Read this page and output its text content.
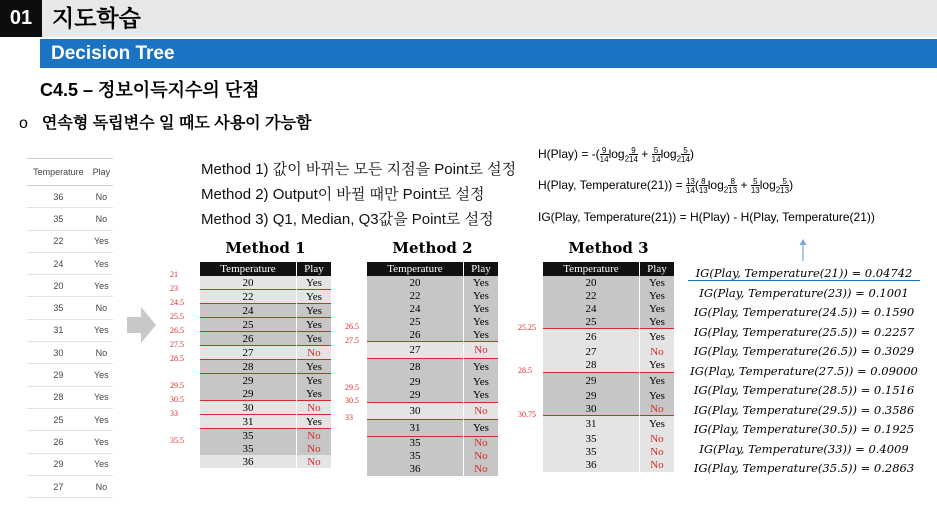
01 지도학습
Decision Tree
C4.5 – 정보이득지수의 단점
o 연속형 독립변수 일 때도 사용이 가능함
Temperature	Play
36	No
35	No
22	Yes
24	Yes
20	Yes
35	No
31	Yes
30	No
29	Yes
28	Yes
25	Yes
26	Yes
29	Yes
27	No
Method 1) 값이 바뀌는 모든 지점을 Point로 설정
Method 2) Output이 바뀔 때만 Point로 설정
Method 3) Q1, Median, Q3값을 Point로 설정
Method 1
Temperature	Play
20	Yes
22	Yes
24	Yes
25	Yes
26	Yes
27	No
28	Yes
29	Yes
29	Yes
30	No
31	Yes
35	No
35	No
36	No
Method 2
Temperature	Play
20	Yes
22	Yes
24	Yes
25	Yes
26	Yes
27	No
28	Yes
29	Yes
29	Yes
30	No
31	Yes
35	No
35	No
36	No
Method 3
Temperature	Play
20	Yes
22	Yes
24	Yes
25	Yes
26	Yes
27	No
28	Yes
29	Yes
29	Yes
30	No
31	Yes
35	No
35	No
36	No
21
23
24.5
25.5
26.5
27.5
28.5
29.5
30.5
33
35.5
26.5
27.5
29.5
30.5
33
25.25
28.5
30.75
H(Play) = $-(\frac{9}{14}\log_2\frac{9}{14} + \frac{5}{14}\log_2\frac{5}{14})$
H(Play, Temperature(21)) = $\frac{13}{14}(\frac{8}{13}\log_2\frac{8}{13} + \frac{5}{13}\log_2\frac{5}{13})$
IG(Play, Temperature(21)) = H(Play) - H(Play, Temperature(21))
IG(Play, Temperature(21)) = 0.04742
IG(Play, Temperature(23)) = 0.1001
IG(Play, Temperature(24.5)) = 0.1590
IG(Play, Temperature(25.5)) = 0.2257
IG(Play, Temperature(26.5)) = 0.3029
IG(Play, Temperature(27.5)) = 0.09000
IG(Play, Temperature(28.5)) = 0.1516
IG(Play, Temperature(29.5)) = 0.3586
IG(Play, Temperature(30.5)) = 0.1925
IG(Play, Temperature(33)) = 0.4009
IG(Play, Temperature(35.5)) = 0.2863
